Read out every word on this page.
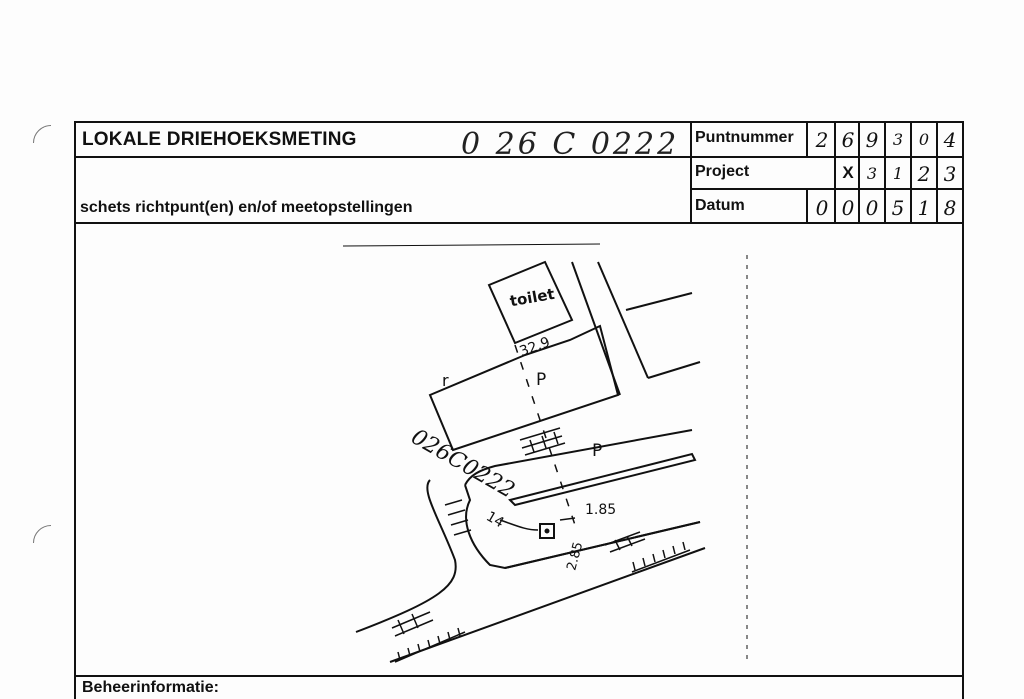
LOKALE DRIEHOEKSMETING	0 26 C 0222
schets richtpunt(en) en/of meetopstellingen
Puntnummer
Project
Datum
2 6 9 3 0 4
X 3 1 2 3
0 0 0 5 1 8
Beheerinformatie:
toilet
32.9
P
P
r
026C0222
14	1.85
2.85
